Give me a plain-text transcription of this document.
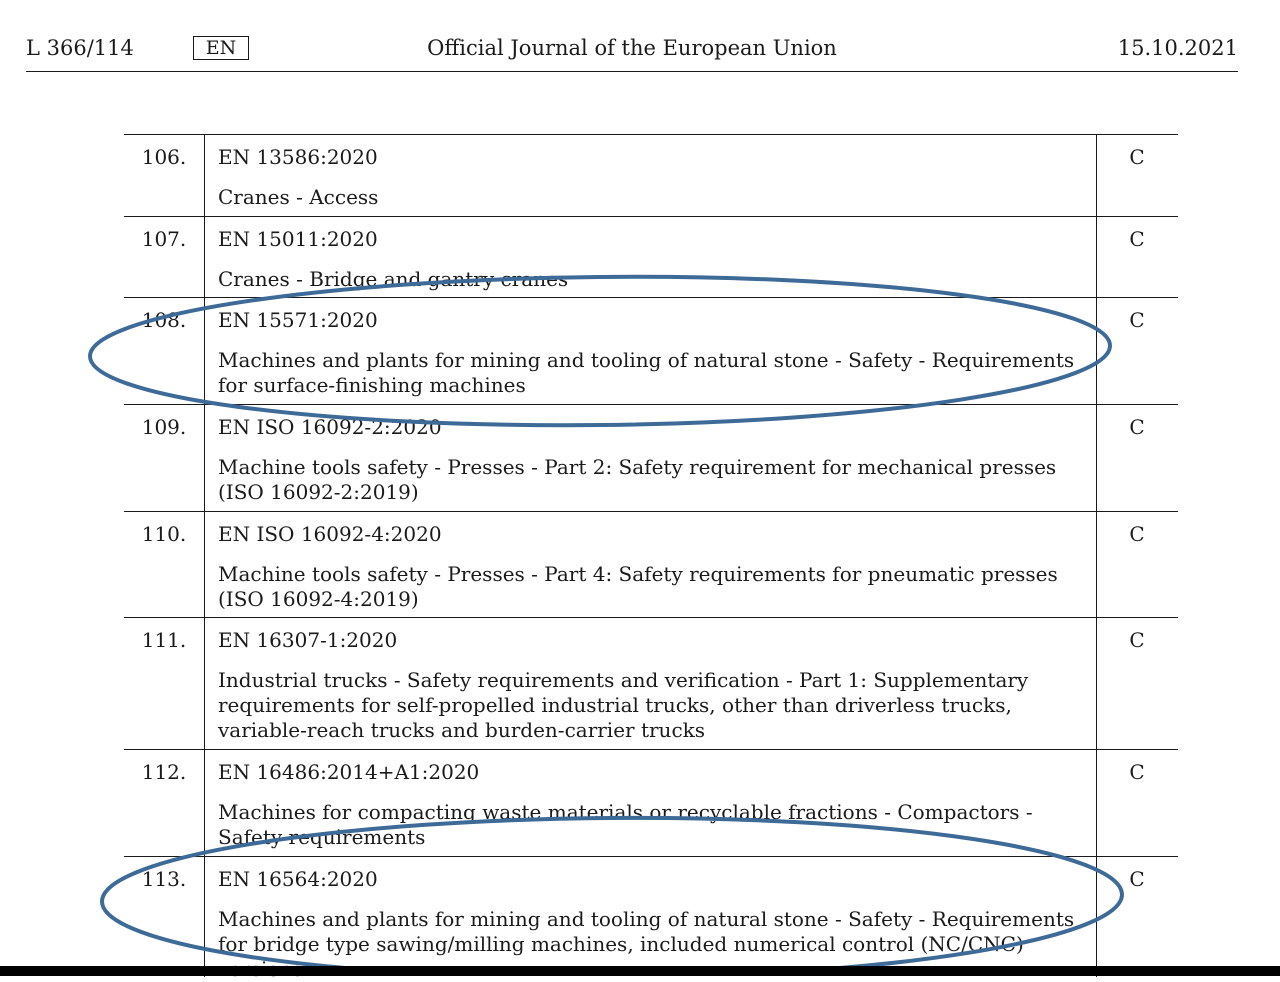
L 366/114	EN	Official Journal of the European Union	15.10.2021
106.	EN 13586:2020
Cranes - Access
C
107.	EN 15011:2020
Cranes - Bridge and gantry cranes
C
108.	EN 15571:2020
Machines and plants for mining and tooling of natural stone - Safety - Requirements for surface-finishing machines
C
109.	EN ISO 16092-2:2020
Machine tools safety - Presses - Part 2: Safety requirement for mechanical presses (ISO 16092-2:2019)
C
110.	EN ISO 16092-4:2020
Machine tools safety - Presses - Part 4: Safety requirements for pneumatic presses (ISO 16092-4:2019)
C
111.	EN 16307-1:2020
Industrial trucks - Safety requirements and verification - Part 1: Supplementary requirements for self-propelled industrial trucks, other than driverless trucks, variable-reach trucks and burden-carrier trucks
C
112.	EN 16486:2014+A1:2020
Machines for compacting waste materials or recyclable fractions - Compactors - Safety requirements
C
113.	EN 16564:2020
Machines and plants for mining and tooling of natural stone - Safety - Requirements for bridge type sawing/milling machines, included numerical control (NC/CNC)
C
